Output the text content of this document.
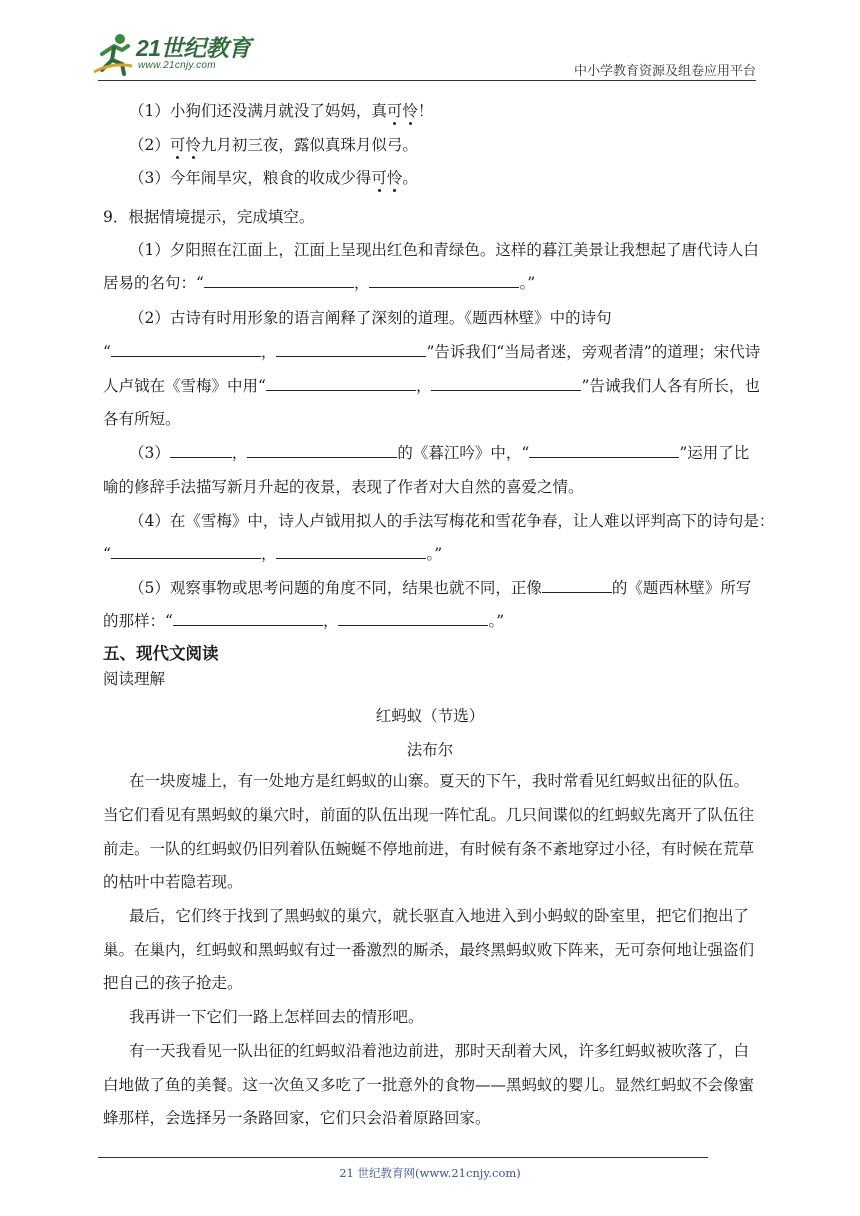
21世纪教育
www.21cnjy.com	中小学教育资源及组卷应用平台
（1）小狗们还没满月就没了妈妈，真可怜！
（2）可怜九月初三夜，露似真珠月似弓。
（3）今年闹旱灾，粮食的收成少得可怜。
9．根据情境提示，完成填空。
（1）夕阳照在江面上，江面上呈现出红色和青绿色。这样的暮江美景让我想起了唐代诗人白
居易的名句：“	，	。”
（2）古诗有时用形象的语言阐释了深刻的道理。《题西林壁》中的诗句
“	，	”告诉我们“当局者迷，旁观者清”的道理；宋代诗
人卢钺在《雪梅》中用“	，	”告诫我们人各有所长，也
各有所短。
（3）	，	的《暮江吟》中，“	”运用了比
喻的修辞手法描写新月升起的夜景，表现了作者对大自然的喜爱之情。
（4）在《雪梅》中，诗人卢钺用拟人的手法写梅花和雪花争春，让人难以评判高下的诗句是：
“	，	。”
（5）观察事物或思考问题的角度不同，结果也就不同，正像	的《题西林壁》所写
的那样：“	，	。”
五、现代文阅读
阅读理解
红蚂蚁（节选）
法布尔
在一块废墟上，有一处地方是红蚂蚁的山寨。夏天的下午，我时常看见红蚂蚁出征的队伍。
当它们看见有黑蚂蚁的巢穴时，前面的队伍出现一阵忙乱。几只间谍似的红蚂蚁先离开了队伍往
前走。一队的红蚂蚁仍旧列着队伍蜿蜒不停地前进，有时候有条不紊地穿过小径，有时候在荒草
的枯叶中若隐若现。
最后，它们终于找到了黑蚂蚁的巢穴，就长驱直入地进入到小蚂蚁的卧室里，把它们抱出了
巢。在巢内，红蚂蚁和黑蚂蚁有过一番激烈的厮杀，最终黑蚂蚁败下阵来，无可奈何地让强盗们
把自己的孩子抢走。
我再讲一下它们一路上怎样回去的情形吧。
有一天我看见一队出征的红蚂蚁沿着池边前进，那时天刮着大风，许多红蚂蚁被吹落了，白
白地做了鱼的美餐。这一次鱼又多吃了一批意外的食物——黑蚂蚁的婴儿。显然红蚂蚁不会像蜜
蜂那样，会选择另一条路回家，它们只会沿着原路回家。
21 世纪教育网(www.21cnjy.com)
